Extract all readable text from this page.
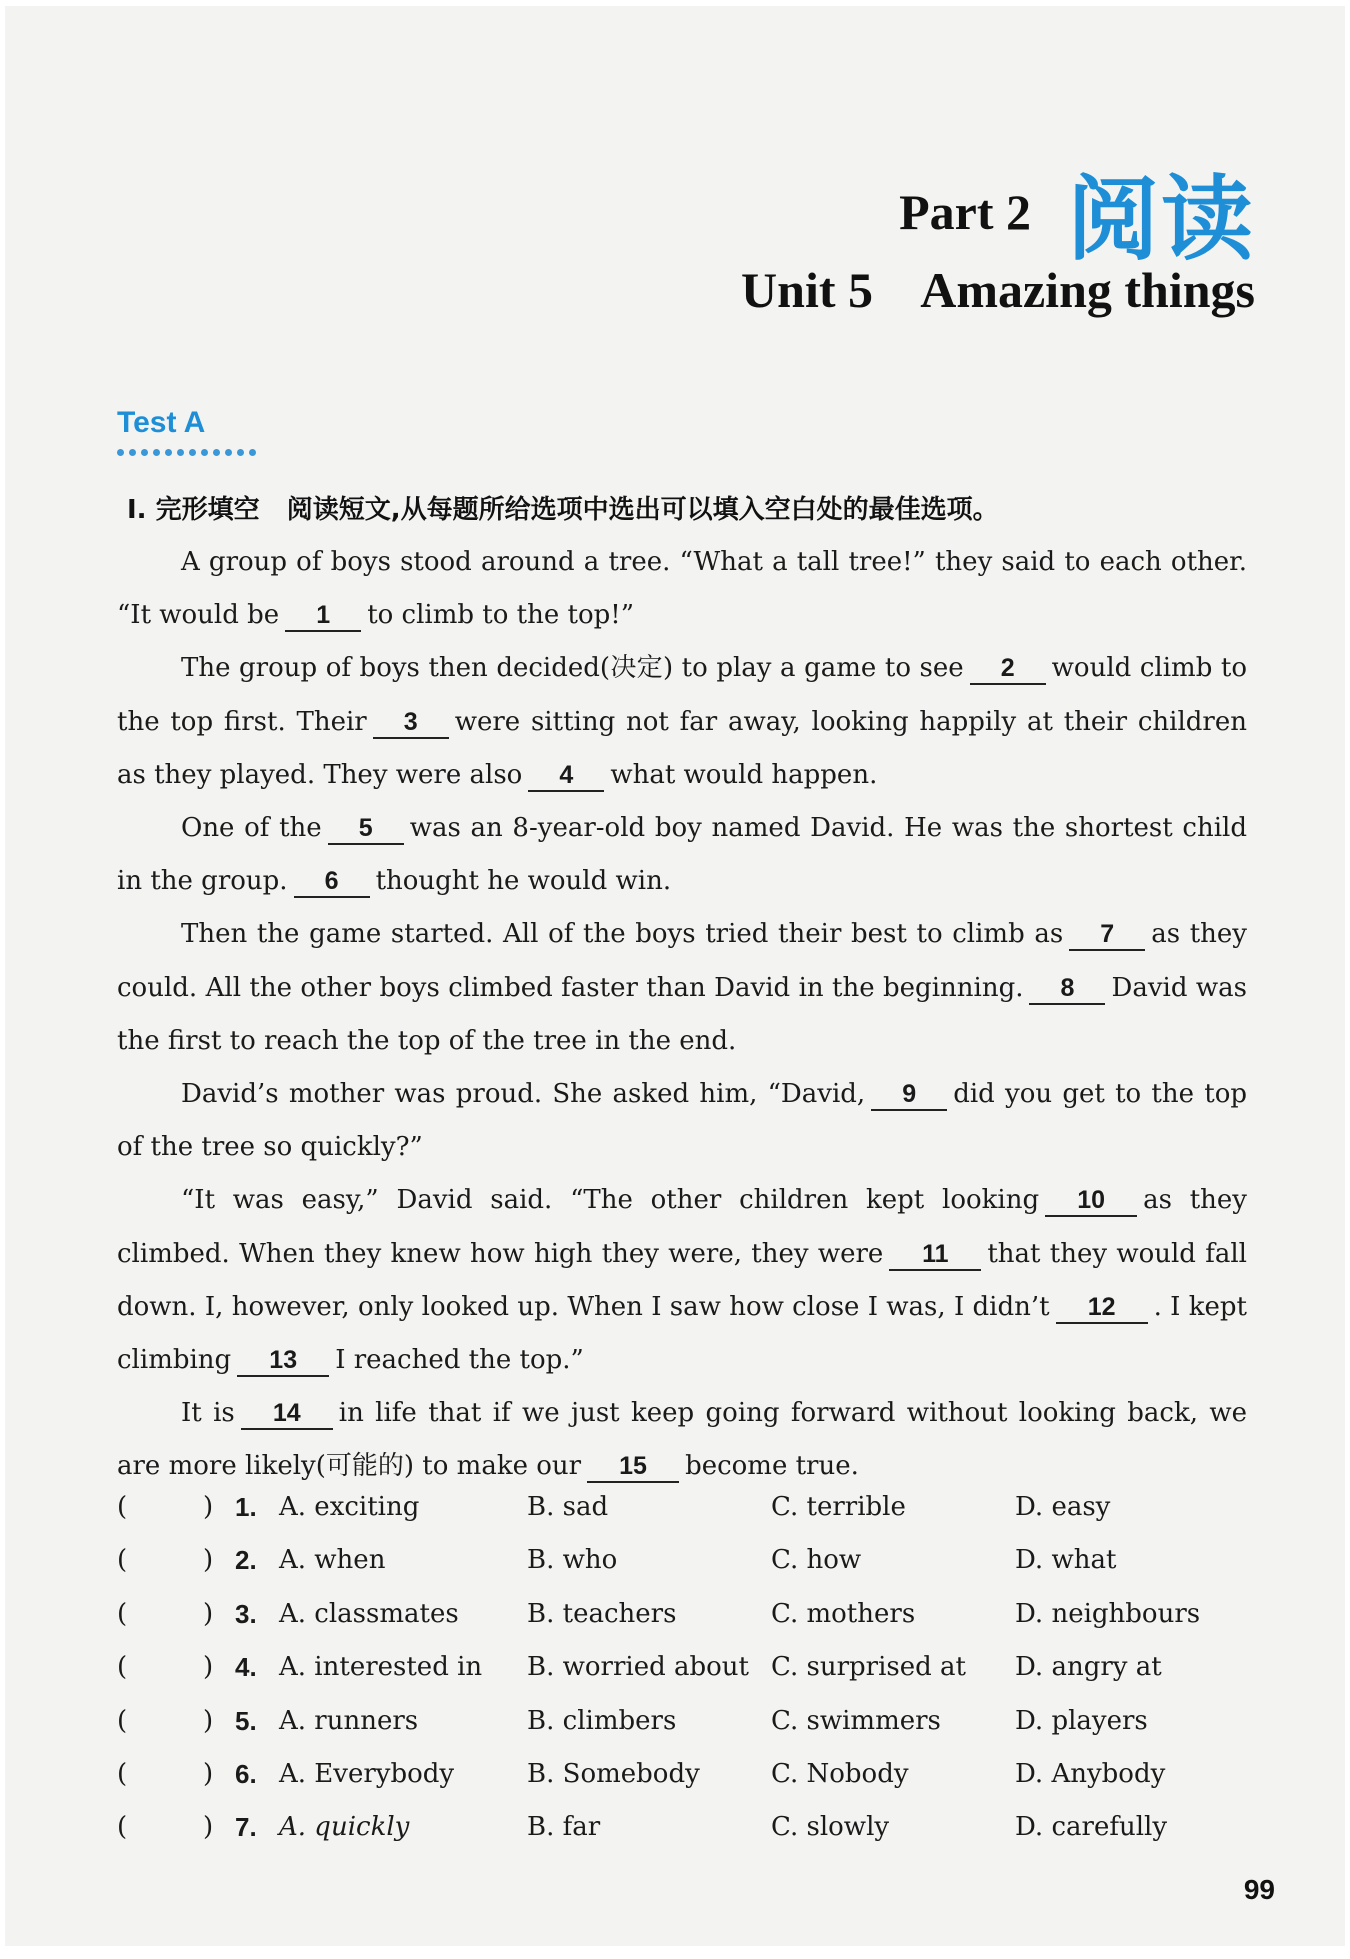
Part 2 阅读
Unit 5    Amazing things
Test A
Ⅰ. 完形填空   阅读短文,从每题所给选项中选出可以填入空白处的最佳选项。

A group of boys stood around a tree. “What a tall tree!” they said to each other. “It would be 1 to climb to the top!”

The group of boys then decided(决定) to play a game to see 2 would climb to the top first. Their 3 were sitting not far away, looking happily at their children as they played. They were also 4 what would happen.

One of the 5 was an 8-year-old boy named David. He was the shortest child in the group. 6 thought he would win.

Then the game started. All of the boys tried their best to climb as 7 as they could. All the other boys climbed faster than David in the beginning. 8 David was the first to reach the top of the tree in the end.

David’s mother was proud. She asked him, “David, 9 did you get to the top of the tree so quickly?”

“It was easy,” David said. “The other children kept looking 10 as they climbed. When they knew how high they were, they were 11 that they would fall down. I, however, only looked up. When I saw how close I was, I didn’t 12 . I kept climbing 13 I reached the top.”

It is 14 in life that if we just keep going forward without looking back, we are more likely(可能的) to make our 15 become true.

(	) 1. A. exciting	B. sad	C. terrible	D. easy
(	) 2. A. when	B. who	C. how	D. what
(	) 3. A. classmates	B. teachers	C. mothers	D. neighbours
(	) 4. A. interested in B. worried about C. surprised at D. angry at
(	) 5. A. runners	B. climbers	C. swimmers	D. players
(	) 6. A. Everybody	B. Somebody	C. Nobody	D. Anybody
(	) 7. A. quickly	B. far	C. slowly	D. carefully
99
